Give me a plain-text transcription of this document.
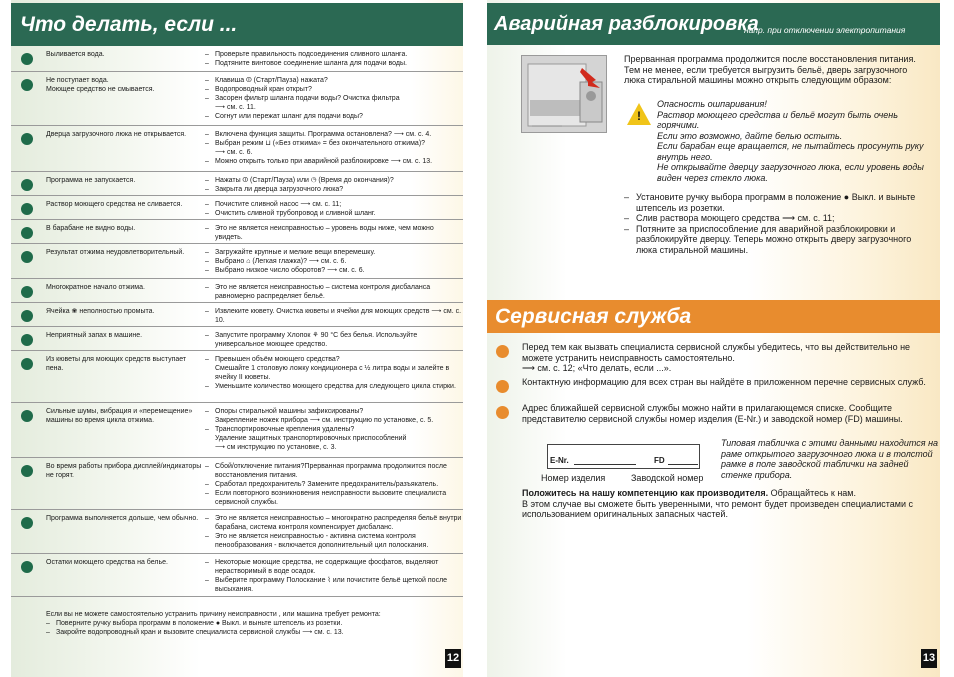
Что делать, если ...
Выливается вода.	– Проверьте правильность подсоединения сливного шланга.
– Подтяните винтовое соединение шланга для подачи воды.
Не поступает вода.
Моющее средство не смывается.
– Клавиша ⏼ (Старт/Пауза) нажата?
– Водопроводный кран открыт?
– Засорен фильтр шланга подачи воды? Очистка фильтра
⟶ см. с. 11.
– Согнут или пережат шланг для подачи воды?
Дверца загрузочного люка не открывается.	– Включена функция защиты. Программа остановлена? ⟶ см. с. 4.
– Выбран режим ⊔ («Без отжима» = без окончательного отжима)?
⟶ см. с. 6.
– Можно открыть только при аварийной разблокировке ⟶ см. с. 13.
Программа не запускается.	– Нажаты ⏼ (Старт/Пауза) или ◷ (Время до окончания)?
– Закрыта ли дверца загрузочного люка?
Раствор моющего средства не сливается.	– Почистите сливной насос ⟶ см. с. 11;
– Очистить сливной трубопровод и сливной шланг.
В барабане не видно воды.	– Это не является неисправностью – уровень воды ниже, чем можно увидеть.
Результат отжима неудовлетворительный.	– Загружайте крупные и мелкие вещи вперемешку.
– Выбрано ⌂ (Легкая глажка)? ⟶ см. с. 6.
– Выбрано низкое число оборотов? ⟶ см. с. 6.
Многократное начало отжима.	– Это не является неисправностью – система контроля дисбаланса равномерно распределяет бельё.
Ячейка ❀ неполностью промыта.	– Извлеките кювету. Очистка кюветы и ячейки для моющих средств ⟶ см. с. 10.
Неприятный запах в машине.	– Запустите программу Хлопок ⚘ 90 °C без белья. Используйте универсальное моющее средство.
Из кюветы для моющих средств выступает пена.
– Превышен объём моющего средства?
Смешайте 1 столовую ложку кондиционера с ½ литра воды и залейте в ячейку II кюветы.
– Уменьшите количество моющего средства для следующего цикла стирки.
Сильные шумы, вибрация и «перемещение» машины во время цикла отжима.
– Опоры стиральной машины зафиксированы?
Закрепление ножек прибора ⟶ см. инструкцию по установке, с. 5.
– Транспортировочные крепления удалены?
Удаление защитных транспортировочных приспособлений
⟶ см инструкцию по установке, с. 3.
Во время работы прибора дисплей/индикаторы не горят.
– Сбой/отключение питания?Прерванная программа продолжится после восстановления питания.
– Сработал предохранитель? Замените предохранитель/разъякатель.
– Если повторного возникновения неисправности вызовите специалиста сервисной службы.
Программа выполняется дольше, чем обычно. – Это не является неисправностью – многократно распределяя бельё внутри барабана, система контроля компенсирует дисбаланс.
– Это не является неисправностью - активна система контроля пенообразования - включается дополнительный цил полоскания.
Остатки моющего средства на белье.	– Некоторые моющие средства, не содержащие фосфатов, выделяют нерастворимый в воде осадок.
– Выберите программу Полоскание ⌇ или почистите бельё щеткой после высыхания.
Если вы не можете самостоятельно устранить причину неисправности , или машина требует ремонта:
– Поверните ручку выбора программ в положение ● Выкл. и выньте штепсель из розетки.
– Закройте водопроводный кран и вызовите специалиста сервисной службы ⟶ см. с. 13.
12
Аварийная разблокировка
напр. при отключении электропитания
Прерванная программа продолжится после восстановления питания. Тем не менее, если требуется выгрузить бельё, дверь загрузочного люка стиральной машины можно открыть следующим образом:
!
Опасность ошпаривания!
Раствор моющего средства и бельё могут быть очень горячими.
Если это возможно, дайте белью остыть.
Если барабан еще вращается, не пытайтесь просунуть руку внутрь него.
Не открывайте дверцу загрузочного люка, если уровень воды виден через стекло люка.
– Установите ручку выбора программ в положение ● Выкл. и выньте штепсель из розетки.
– Слив раствора моющего средства ⟶ см. с. 11;
– Потяните за приспособление для аварийной разблокировки и разблокируйте дверцу. Теперь можно открыть дверу загрузочного люка стиральной машины.
Сервисная служба
Перед тем как вызвать специалиста сервисной службы убедитесь, что вы действительно не можете устранить неисправность самостоятельно.
⟶ см. с. 12; «Что делать, если ...».
Контактную информацию для всех стран вы найдёте в приложенном перечне сервисных служб.
Адрес ближайшей сервисной службы можно найти в прилагающемся списке. Сообщите представителю сервисной службы номер изделия (E-Nr.) и заводской номер (FD) машины.
E-Nr.	FD
Номер изделия	Заводской номер
Типовая табличка с этими данными находится на раме открытого загрузочного люка и в толстой рамке в поле заводской таблички на задней стенке прибора.
Положитесь на нашу компетенцию как производителя. Обращайтесь к нам.
В этом случае вы сможете быть уверенными, что ремонт будет произведен специалистами с использованием оригинальных запасных частей.
13
